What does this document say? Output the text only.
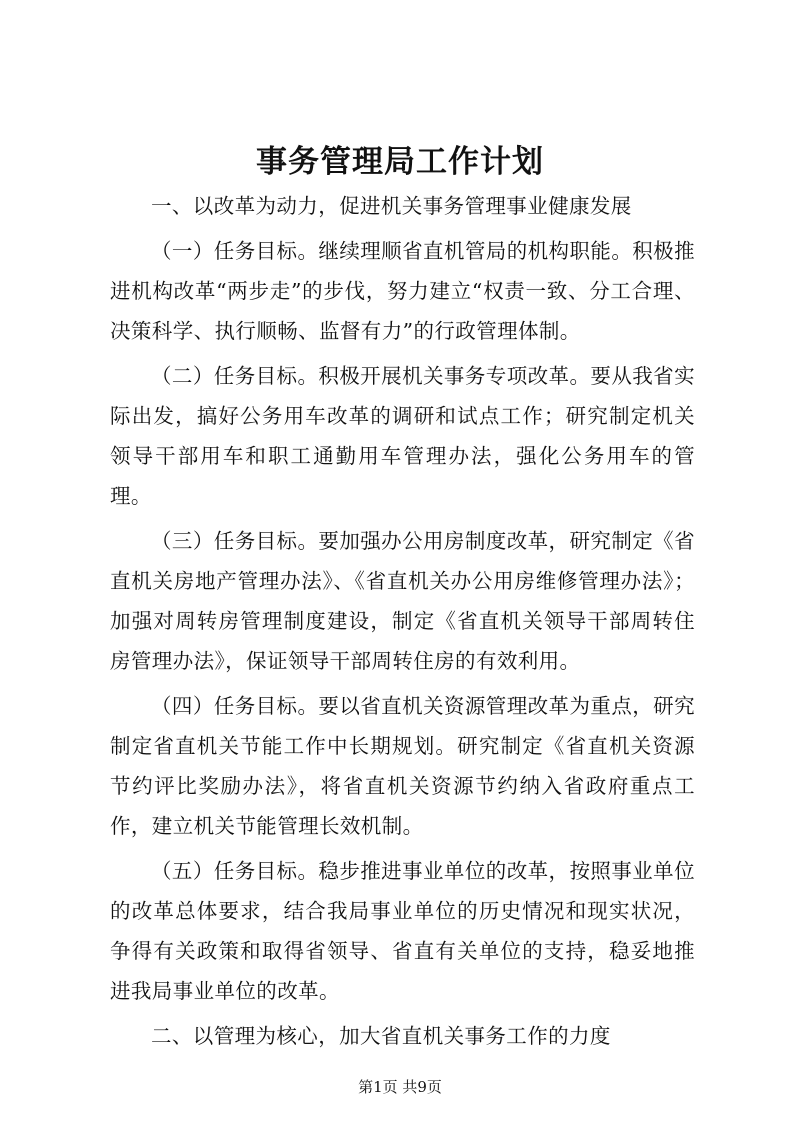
事务管理局工作计划

一、以改革为动力，促进机关事务管理事业健康发展

（一）任务目标。继续理顺省直机管局的机构职能。积极推进机构改革“两步走”的步伐，努力建立“权责一致、分工合理、决策科学、执行顺畅、监督有力”的行政管理体制。

（二）任务目标。积极开展机关事务专项改革。要从我省实际出发，搞好公务用车改革的调研和试点工作；研究制定机关领导干部用车和职工通勤用车管理办法，强化公务用车的管理。

（三）任务目标。要加强办公用房制度改革，研究制定《省直机关房地产管理办法》、《省直机关办公用房维修管理办法》；加强对周转房管理制度建设，制定《省直机关领导干部周转住房管理办法》，保证领导干部周转住房的有效利用。

（四）任务目标。要以省直机关资源管理改革为重点，研究制定省直机关节能工作中长期规划。研究制定《省直机关资源节约评比奖励办法》，将省直机关资源节约纳入省政府重点工作，建立机关节能管理长效机制。

（五）任务目标。稳步推进事业单位的改革，按照事业单位的改革总体要求，结合我局事业单位的历史情况和现实状况，争得有关政策和取得省领导、省直有关单位的支持，稳妥地推进我局事业单位的改革。

二、以管理为核心，加大省直机关事务工作的力度

第1页 共9页
